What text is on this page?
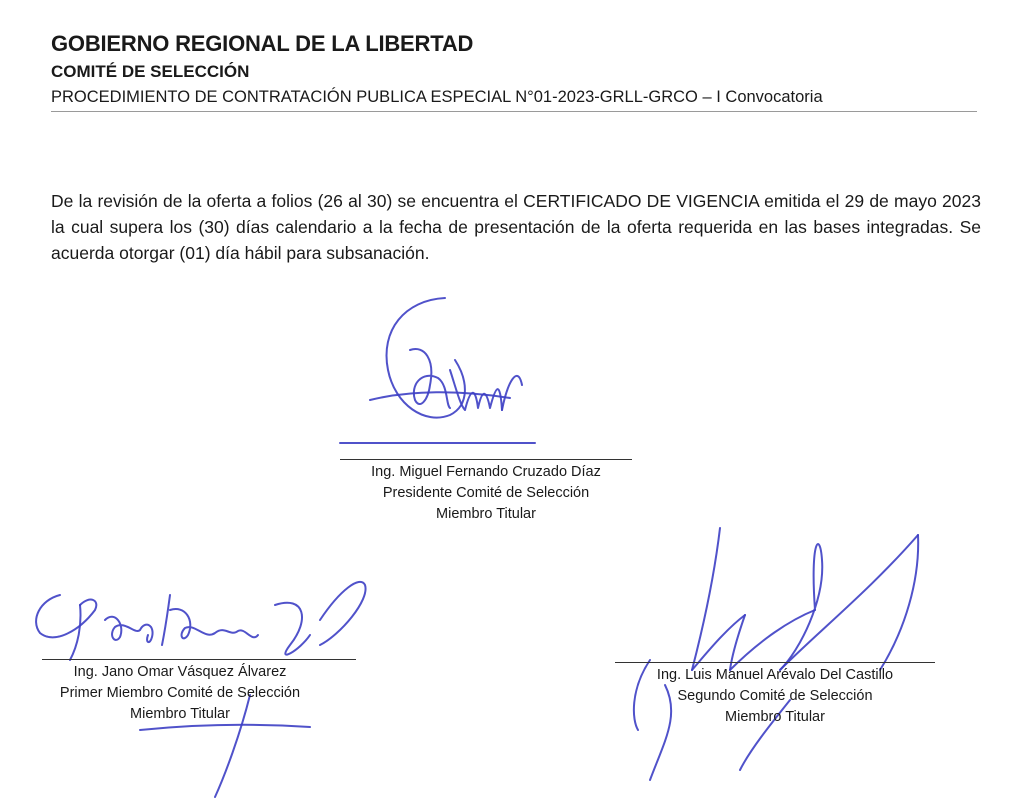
GOBIERNO REGIONAL DE LA LIBERTAD
COMITÉ DE SELECCIÓN
PROCEDIMIENTO DE CONTRATACIÓN PUBLICA ESPECIAL N°01-2023-GRLL-GRCO – I Convocatoria
De la revisión de la oferta a folios (26 al 30) se encuentra el CERTIFICADO DE VIGENCIA emitida el 29 de mayo 2023 la cual supera los (30) días calendario a la fecha de presentación de la oferta requerida en las bases integradas. Se acuerda otorgar (01) día hábil para subsanación.
Ing. Miguel Fernando Cruzado Díaz
Presidente Comité de Selección
Miembro Titular
Ing. Jano Omar Vásquez Álvarez
Primer Miembro Comité de Selección
Miembro Titular
Ing. Luis Manuel Arévalo Del Castillo
Segundo Comité de Selección
Miembro Titular
